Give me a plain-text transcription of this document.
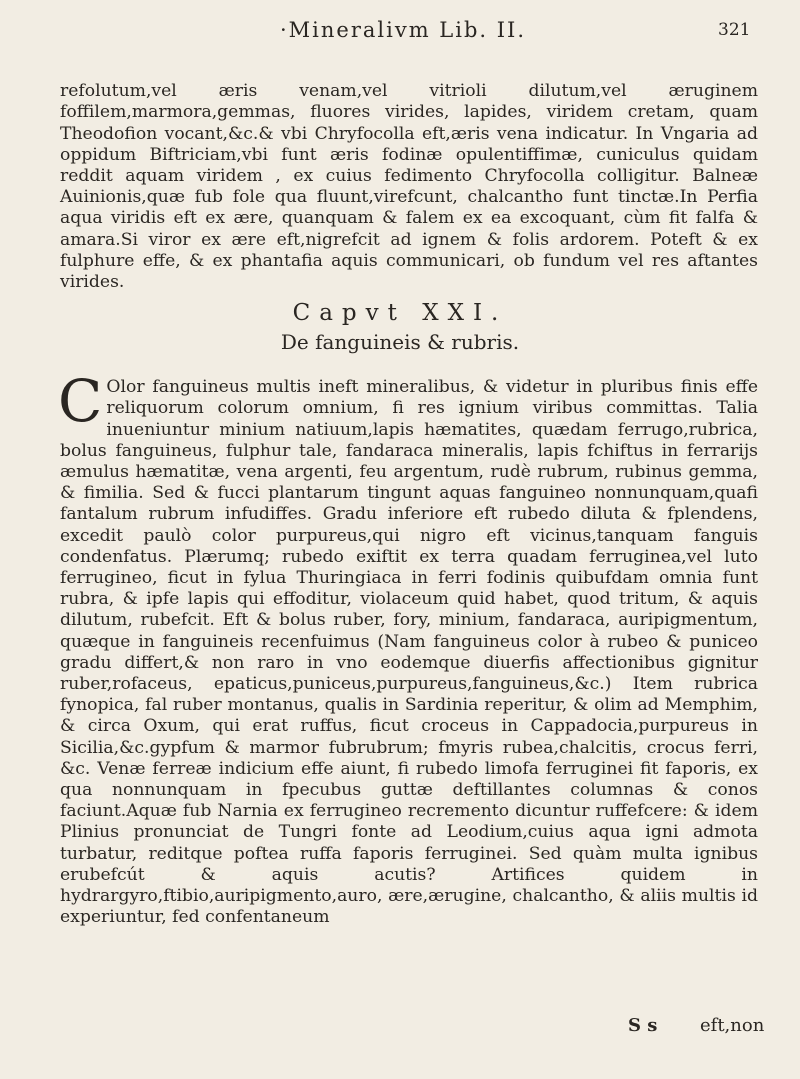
·Mineralivm Lib. II.	321

refolutum,vel æris venam,vel vitrioli dilutum,vel æruginem foffilem,marmora,gemmas, fluores virides, lapides, viridem cretam, quam Theodofion vocant,&c.& vbi Chryfocolla eft,æris vena indicatur. In Vngaria ad oppidum Biftriciam,vbi funt æris fodinæ opulentiffimæ, cuniculus quidam reddit aquam viridem , ex cuius fedimento Chryfocolla colligitur. Balneæ Auinionis,quæ fub fole qua fluunt,virefcunt, chalcantho funt tinctæ.In Perfia aqua viridis eft ex ære, quanquam & falem ex ea excoquant, cùm fit falfa & amara.Si viror ex ære eft,nigrefcit ad ignem & folis ardorem. Poteft & ex fulphure effe, & ex phantafia aquis communicari, ob fundum vel res aftantes virides.

Capvt XXI.
De fanguineis & rubris.

C Olor fanguineus multis ineft mineralibus, & videtur in pluribus finis effe reliquorum colorum omnium, fi res ignium viribus committas. Talia inueniuntur minium natiuum,lapis hæmatites, quædam ferrugo,rubrica, bolus fanguineus, fulphur tale, fandaraca mineralis, lapis fchiftus in ferrarijs æmulus hæmatitæ, vena argenti, feu argentum, rudè rubrum, rubinus gemma, & fimilia. Sed & fucci plantarum tingunt aquas fanguineo nonnunquam,quafi fantalum rubrum infudiffes. Gradu inferiore eft rubedo diluta & fplendens, excedit paulò color purpureus,qui nigro eft vicinus,tanquam fanguis condenfatus. Plærumq; rubedo exiftit ex terra quadam ferruginea,vel luto ferrugineo, ficut in fylua Thuringiaca in ferri fodinis quibufdam omnia funt rubra, & ipfe lapis qui effoditur, violaceum quid habet, quod tritum, & aquis dilutum, rubefcit. Eft & bolus ruber, fory, minium, fandaraca, auripigmentum, quæque in fanguineis recenfuimus (Nam fanguineus color à rubeo & puniceo gradu differt,& non raro in vno eodemque diuerfis affectionibus gignitur ruber,rofaceus, epaticus,puniceus,purpureus,fanguineus,&c.) Item rubrica fynopica, fal ruber montanus, qualis in Sardinia reperitur, & olim ad Memphim, & circa Oxum, qui erat ruffus, ficut croceus in Cappadocia,purpureus in Sicilia,&c.gypfum & marmor fubrubrum; fmyris rubea,chalcitis, crocus ferri, &c. Venæ ferreæ indicium effe aiunt, fi rubedo limofa ferruginei fit faporis, ex qua nonnunquam in fpecubus guttæ deftillantes columnas & conos faciunt.Aquæ fub Narnia ex ferrugineo recremento dicuntur ruffefcere: & idem Plinius pronunciat de Tungri fonte ad Leodium,cuius aqua igni admota turbatur, reditque poftea ruffa faporis ferruginei. Sed quàm multa ignibus erubefcút & aquis acutis? Artifices quidem in hydrargyro,ftibio,auripigmento,auro, ære,ærugine, chalcantho, & aliis multis id experiuntur, fed confentaneum

S s eft,non
